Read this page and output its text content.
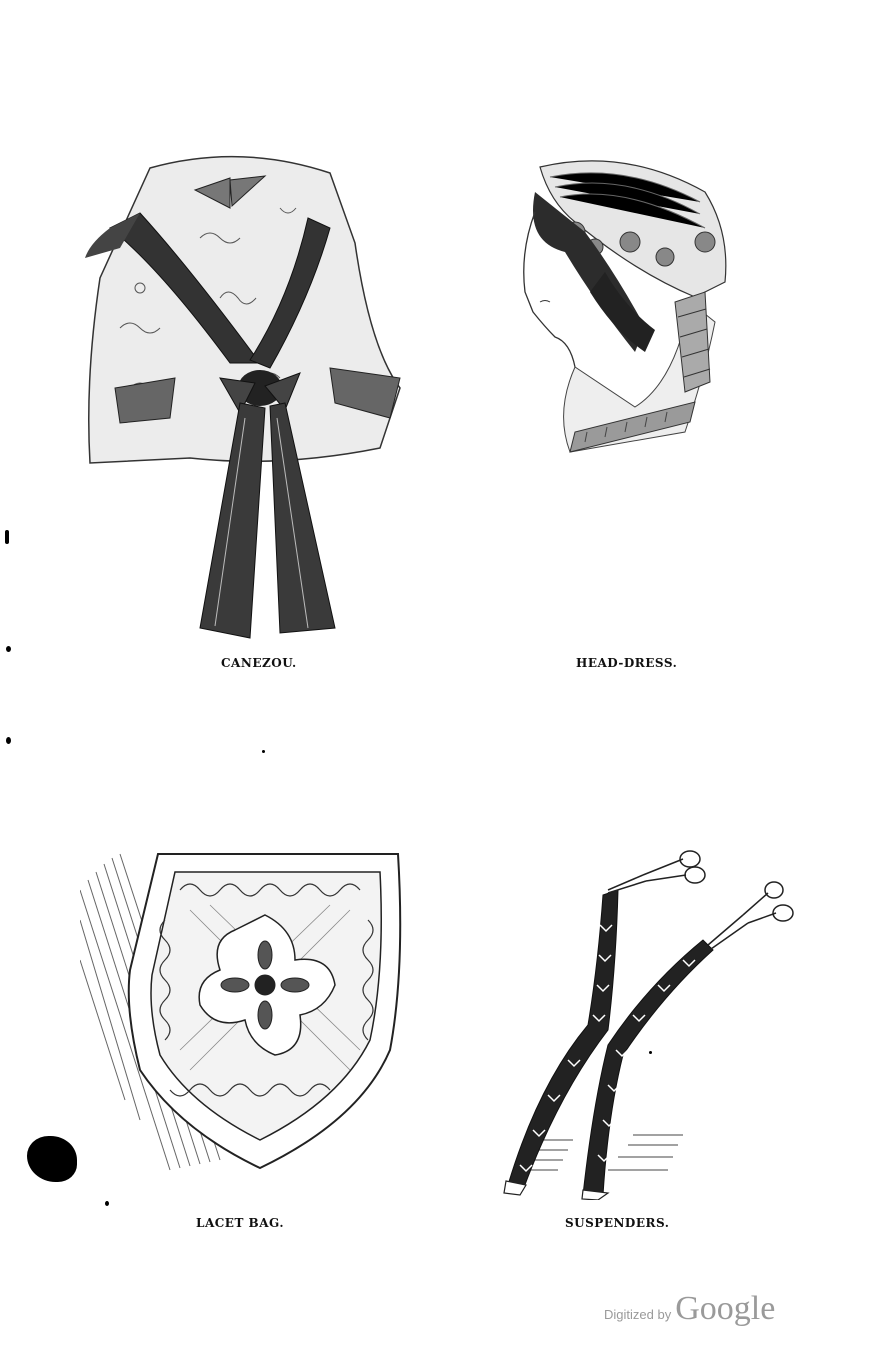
CANEZOU.	HEAD-DRESS.
LACET BAG.	SUSPENDERS.
Digitized by Google
